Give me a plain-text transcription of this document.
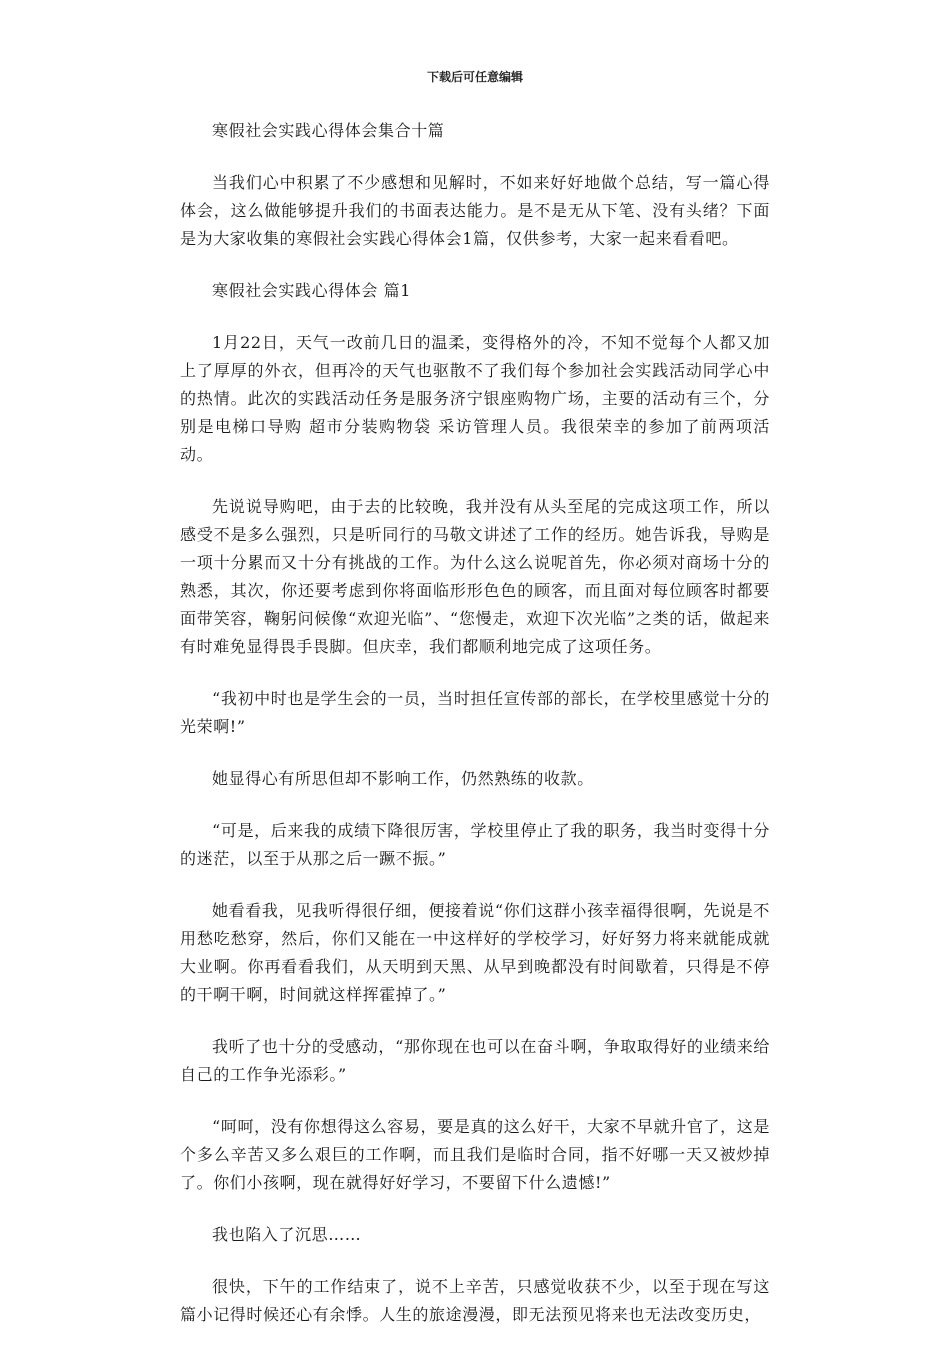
下载后可任意编辑

寒假社会实践心得体会集合十篇

当我们心中积累了不少感想和见解时，不如来好好地做个总结，写一篇心得体会，这么做能够提升我们的书面表达能力。是不是无从下笔、没有头绪？下面是为大家收集的寒假社会实践心得体会1篇，仅供参考，大家一起来看看吧。

寒假社会实践心得体会 篇1

1月22日，天气一改前几日的温柔，变得格外的冷，不知不觉每个人都又加上了厚厚的外衣，但再冷的天气也驱散不了我们每个参加社会实践活动同学心中的热情。此次的实践活动任务是服务济宁银座购物广场，主要的活动有三个，分别是电梯口导购 超市分装购物袋 采访管理人员。我很荣幸的参加了前两项活动。

先说说导购吧，由于去的比较晚，我并没有从头至尾的完成这项工作，所以感受不是多么强烈，只是听同行的马敬文讲述了工作的经历。她告诉我，导购是一项十分累而又十分有挑战的工作。为什么这么说呢首先，你必须对商场十分的熟悉，其次，你还要考虑到你将面临形形色色的顾客，而且面对每位顾客时都要面带笑容，鞠躬问候像“欢迎光临”、“您慢走，欢迎下次光临”之类的话，做起来有时难免显得畏手畏脚。但庆幸，我们都顺利地完成了这项任务。

“我初中时也是学生会的一员，当时担任宣传部的部长，在学校里感觉十分的光荣啊!”

她显得心有所思但却不影响工作，仍然熟练的收款。

“可是，后来我的成绩下降很厉害，学校里停止了我的职务，我当时变得十分的迷茫，以至于从那之后一蹶不振。”

她看看我，见我听得很仔细，便接着说“你们这群小孩幸福得很啊，先说是不用愁吃愁穿，然后，你们又能在一中这样好的学校学习，好好努力将来就能成就大业啊。你再看看我们，从天明到天黑、从早到晚都没有时间歇着，只得是不停的干啊干啊，时间就这样挥霍掉了。”

我听了也十分的受感动，“那你现在也可以在奋斗啊，争取取得好的业绩来给自己的工作争光添彩。”

“呵呵，没有你想得这么容易，要是真的这么好干，大家不早就升官了，这是个多么辛苦又多么艰巨的工作啊，而且我们是临时合同，指不好哪一天又被炒掉了。你们小孩啊，现在就得好好学习，不要留下什么遗憾!”

我也陷入了沉思……

很快，下午的工作结束了，说不上辛苦，只感觉收获不少，以至于现在写这篇小记得时候还心有余悸。人生的旅途漫漫，即无法预见将来也无法改变历史，
